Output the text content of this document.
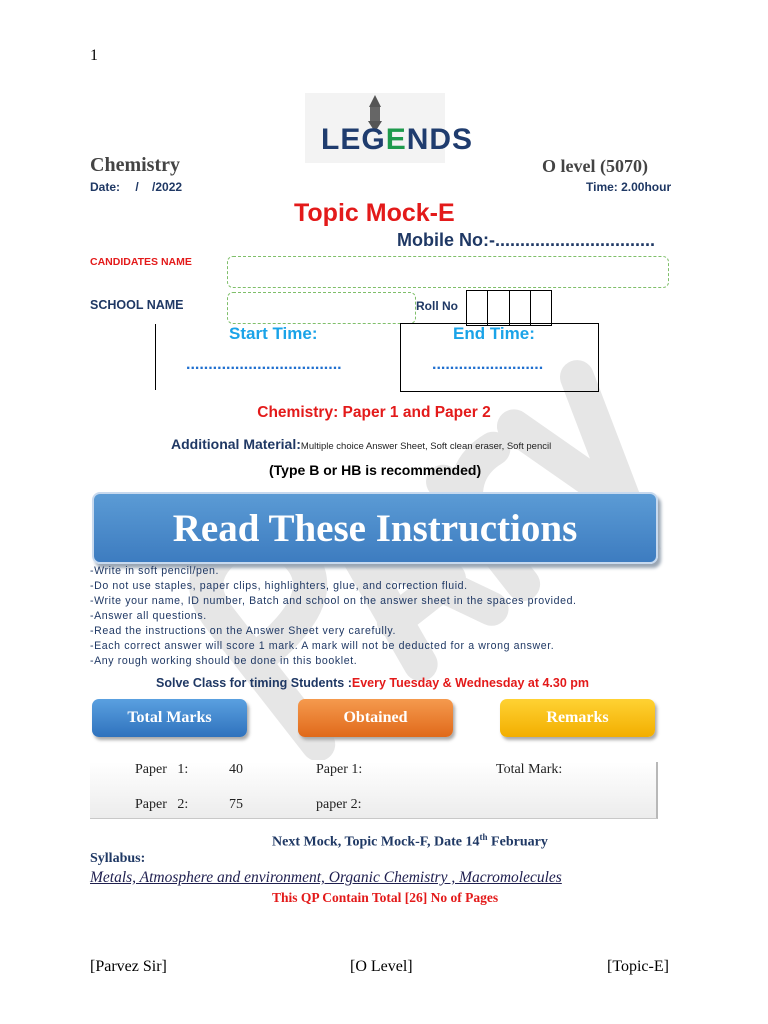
1
LEGENDS
Chemistry	O level (5070)
Date: /    /2022	Time: 2.00hour
Topic Mock-E
Mobile No:-................................
CANDIDATES NAME
SCHOOL NAME	Roll No
Start Time:
...................................
End Time:
.........................
Chemistry: Paper 1 and Paper 2
Additional Material:Multiple choice Answer Sheet, Soft clean eraser, Soft pencil
(Type B or HB is recommended)
Read These Instructions
-Write in soft pencil/pen.
-Do not use staples, paper clips, highlighters, glue, and correction fluid.
-Write your name, ID number, Batch and school on the answer sheet in the spaces provided.
-Answer all questions.
-Read the instructions on the Answer Sheet very carefully.
-Each correct answer will score 1 mark. A mark will not be deducted for a wrong answer.
-Any rough working should be done in this booklet.
Solve Class for timing Students :Every Tuesday & Wednesday at 4.30 pm
Total Marks	Obtained	Remarks
Paper   1:	40	Paper 1:	Total Mark:
Paper   2:	75	paper 2:
Next Mock, Topic Mock-F, Date 14th February
Syllabus:
Metals, Atmosphere and environment, Organic Chemistry , Macromolecules
This QP Contain Total [26] No of Pages
[Parvez Sir]	[O Level]	[Topic-E]
